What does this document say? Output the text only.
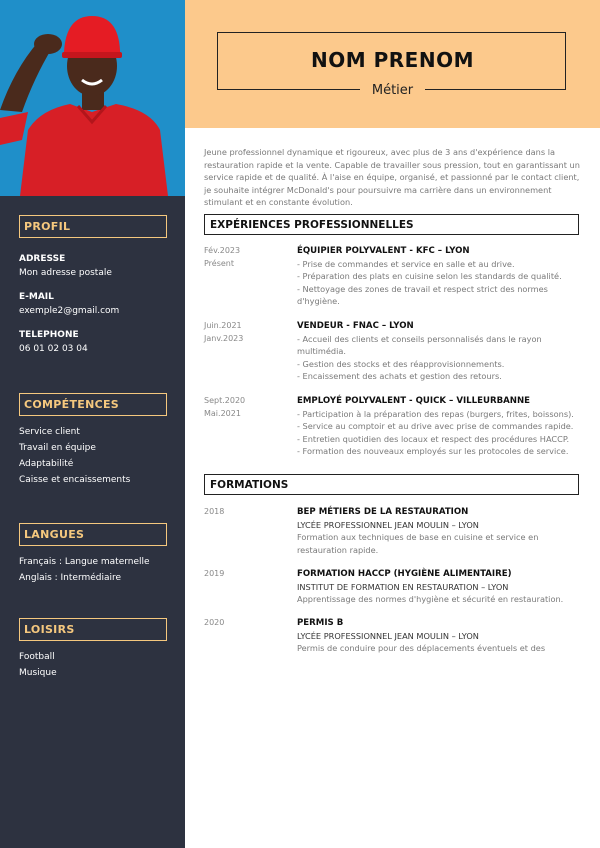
PROFIL
ADRESSE
Mon adresse postale
E-MAIL
exemple2@gmail.com
TELEPHONE
06 01 02 03 04
COMPÉTENCES
Service client
Travail en équipe
Adaptabilité
Caisse et encaissements
LANGUES
Français : Langue maternelle
Anglais : Intermédiaire
LOISIRS
Football
Musique
NOM PRENOM
Métier
Jeune professionnel dynamique et rigoureux, avec plus de 3 ans d'expérience dans la restauration rapide et la vente. Capable de travailler sous pression, tout en garantissant un service rapide et de qualité. À l'aise en équipe, organisé, et passionné par le contact client, je souhaite intégrer McDonald's pour poursuivre ma carrière dans un environnement stimulant et en constante évolution.
EXPÉRIENCES PROFESSIONNELLES
Fév.2023
Présent
ÉQUIPIER POLYVALENT - KFC – LYON
- Prise de commandes et service en salle et au drive.
- Préparation des plats en cuisine selon les standards de qualité.
- Nettoyage des zones de travail et respect strict des normes
d'hygiène.
Juin.2021
Janv.2023
VENDEUR - FNAC – LYON
- Accueil des clients et conseils personnalisés dans le rayon
multimédia.
- Gestion des stocks et des réapprovisionnements.
- Encaissement des achats et gestion des retours.
Sept.2020
Mai.2021
EMPLOYÉ POLYVALENT - QUICK – VILLEURBANNE
- Participation à la préparation des repas (burgers, frites, boissons).
- Service au comptoir et au drive avec prise de commandes rapide.
- Entretien quotidien des locaux et respect des procédures HACCP.
- Formation des nouveaux employés sur les protocoles de service.
FORMATIONS
2018	BEP MÉTIERS DE LA RESTAURATION
LYCÉE PROFESSIONNEL JEAN MOULIN – LYON
Formation aux techniques de base en cuisine et service en
restauration rapide.
2019	FORMATION HACCP (HYGIÈNE ALIMENTAIRE)
INSTITUT DE FORMATION EN RESTAURATION – LYON
Apprentissage des normes d'hygiène et sécurité en restauration.
2020	PERMIS B
LYCÉE PROFESSIONNEL JEAN MOULIN – LYON
Permis de conduire pour des déplacements éventuels et des
